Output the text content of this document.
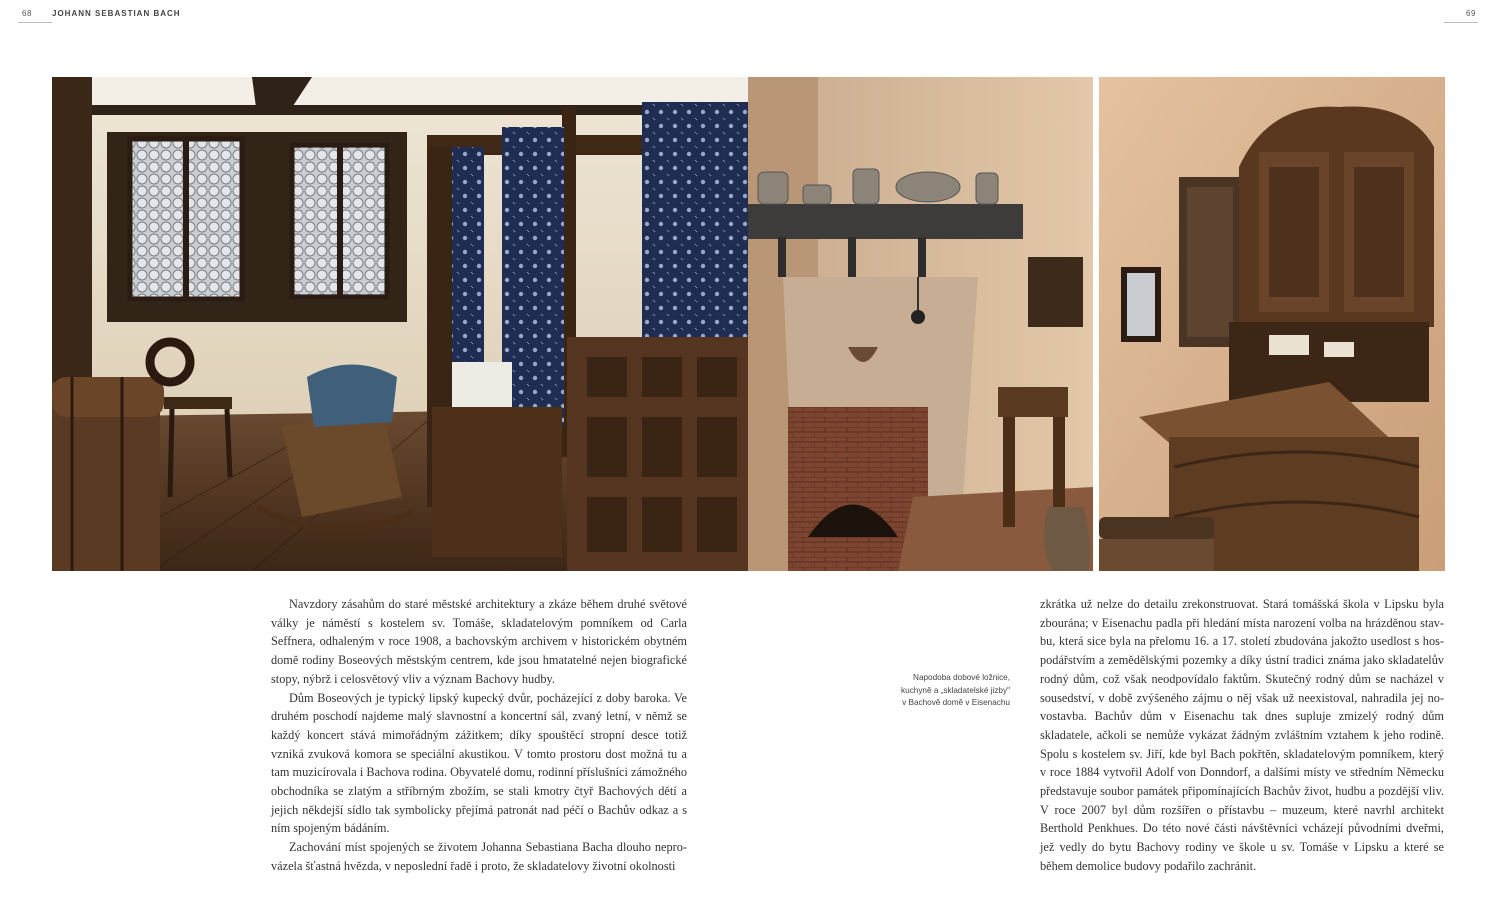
68	JOHANN SEBASTIAN BACH	69

Navzdory zásahům do staré městské architektury a zkáze během druhé světové války je náměstí s kostelem sv. Tomáše, skladatelovým pomníkem od Carla Seffnera, odhaleným v roce 1908, a bachovským archivem v historickém obytném domě rodiny Boseových městským centrem, kde jsou hmatatelné nejen biografické stopy, nýbrž i celosvětový vliv a význam Bachovy hudby.

Dům Boseových je typický lipský kupecký dvůr, pocházející z doby baroka. Ve druhém poschodí najdeme malý slavnostní a koncertní sál, zvaný letní, v němž se každý koncert stává mimořádným zážitkem; díky spouštěcí stropní desce totiž vzniká zvuková komora se speciální akustikou. V tomto prostoru dost možná tu a tam muzicírovala i Bachova rodina. Obyvatelé domu, rodinní příslušníci zámožného obchodníka se zlatým a stříbrným zbožím, se stali kmotry čtyř Bachových dětí a jejich někdejší sídlo tak symbolicky přejímá patronát nad péčí o Bachův odkaz a s ním spojeným bádáním.

Zachování míst spojených se životem Johanna Sebastiana Bacha dlouho neprovázela šťastná hvězda, v neposlední řadě i proto, že skladatelovy životní okolnosti

Napodoba dobové ložnice,
kuchyně a „skladatelské jizby"
v Bachově domě v Eisenachu

zkrátka už nelze do detailu zrekonstruovat. Stará tomášská škola v Lipsku byla zbourána; v Eisenachu padla při hledání místa narození volba na hrázděnou stavbu, která sice byla na přelomu 16. a 17. století zbudována jakožto usedlost s hospodářstvím a zemědělskými pozemky a díky ústní tradici známa jako skladatelův rodný dům, což však neodpovídalo faktům. Skutečný rodný dům se nacházel v sousedství, v době zvýšeného zájmu o něj však už neexistoval, nahradila jej novostavba. Bachův dům v Eisenachu tak dnes supluje zmizelý rodný dům skladatele, ačkoli se nemůže vykázat žádným zvláštním vztahem k jeho rodině. Spolu s kostelem sv. Jiří, kde byl Bach pokřtěn, skladatelovým pomníkem, který v roce 1884 vytvořil Adolf von Donndorf, a dalšími místy ve středním Německu představuje soubor památek připomínajících Bachův život, hudbu a pozdější vliv. V roce 2007 byl dům rozšířen o přístavbu – muzeum, které navrhl architekt Berthold Penkhues. Do této nové části návštěvníci vcházejí původními dveřmi, jež vedly do bytu Bachovy rodiny ve škole u sv. Tomáše v Lipsku a které se během demolice budovy podařilo zachránit.
